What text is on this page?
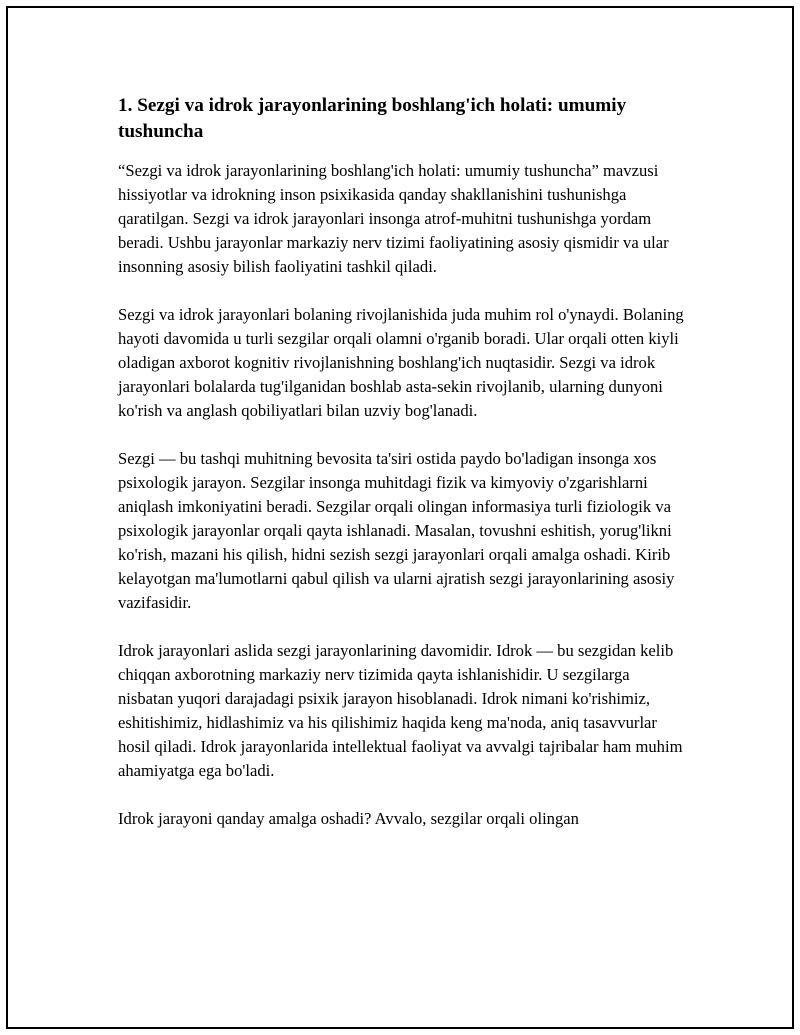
1. Sezgi va idrok jarayonlarining boshlang'ich holati: umumiy tushuncha

“Sezgi va idrok jarayonlarining boshlang'ich holati: umumiy tushuncha” mavzusi hissiyotlar va idrokning inson psixikasida qanday shakllanishini tushunishga qaratilgan. Sezgi va idrok jarayonlari insonga atrof-muhitni tushunishga yordam beradi. Ushbu jarayonlar markaziy nerv tizimi faoliyatining asosiy qismidir va ular insonning asosiy bilish faoliyatini tashkil qiladi.

Sezgi va idrok jarayonlari bolaning rivojlanishida juda muhim rol o'ynaydi. Bolaning hayoti davomida u turli sezgilar orqali olamni o'rganib boradi. Ular orqali otten kiyli oladigan axborot kognitiv rivojlanishning boshlang'ich nuqtasidir. Sezgi va idrok jarayonlari bolalarda tug'ilganidan boshlab asta-sekin rivojlanib, ularning dunyoni ko'rish va anglash qobiliyatlari bilan uzviy bog'lanadi.

Sezgi — bu tashqi muhitning bevosita ta'siri ostida paydo bo'ladigan insonga xos psixologik jarayon. Sezgilar insonga muhitdagi fizik va kimyoviy o'zgarishlarni aniqlash imkoniyatini beradi. Sezgilar orqali olingan informasiya turli fiziologik va psixologik jarayonlar orqali qayta ishlanadi. Masalan, tovushni eshitish, yorug'likni ko'rish, mazani his qilish, hidni sezish sezgi jarayonlari orqali amalga oshadi. Kirib kelayotgan ma'lumotlarni qabul qilish va ularni ajratish sezgi jarayonlarining asosiy vazifasidir.

Idrok jarayonlari aslida sezgi jarayonlarining davomidir. Idrok — bu sezgidan kelib chiqqan axborotning markaziy nerv tizimida qayta ishlanishidir. U sezgilarga nisbatan yuqori darajadagi psixik jarayon hisoblanadi. Idrok nimani ko'rishimiz, eshitishimiz, hidlashimiz va his qilishimiz haqida keng ma'noda, aniq tasavvurlar hosil qiladi. Idrok jarayonlarida intellektual faoliyat va avvalgi tajribalar ham muhim ahamiyatga ega bo'ladi.

Idrok jarayoni qanday amalga oshadi? Avvalo, sezgilar orqali olingan
